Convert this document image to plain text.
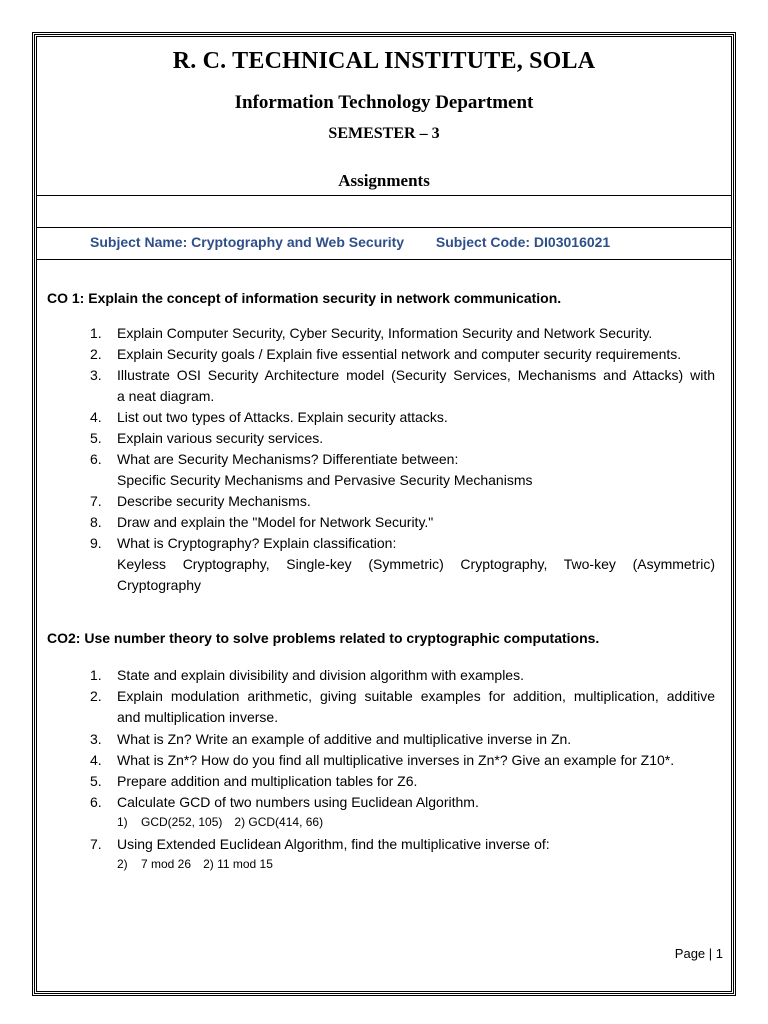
R. C. TECHNICAL INSTITUTE, SOLA
Information Technology Department
SEMESTER – 3
Assignments
Subject Name: Cryptography and Web Security Subject Code: DI03016021
CO 1: Explain the concept of information security in network communication.
1. Explain Computer Security, Cyber Security, Information Security and Network Security.
2. Explain Security goals / Explain five essential network and computer security requirements.
3. Illustrate OSI Security Architecture model (Security Services, Mechanisms and Attacks) with
a neat diagram.
4. List out two types of Attacks. Explain security attacks.
5. Explain various security services.
6. What are Security Mechanisms? Differentiate between:
Specific Security Mechanisms and Pervasive Security Mechanisms
7. Describe security Mechanisms.
8. Draw and explain the "Model for Network Security."
9. What is Cryptography? Explain classification:
Keyless Cryptography, Single-key (Symmetric) Cryptography, Two-key (Asymmetric)
Cryptography
CO2: Use number theory to solve problems related to cryptographic computations.
1. State and explain divisibility and division algorithm with examples.
2. Explain modulation arithmetic, giving suitable examples for addition, multiplication, additive
and multiplication inverse.
3. What is Zn? Write an example of additive and multiplicative inverse in Zn.
4. What is Zn*? How do you find all multiplicative inverses in Zn*? Give an example for Z10*.
5. Prepare addition and multiplication tables for Z6.
6. Calculate GCD of two numbers using Euclidean Algorithm.
1) GCD(252, 105) 2) GCD(414, 66)
7. Using Extended Euclidean Algorithm, find the multiplicative inverse of:
2) 7 mod 26 2) 11 mod 15
Page | 1
